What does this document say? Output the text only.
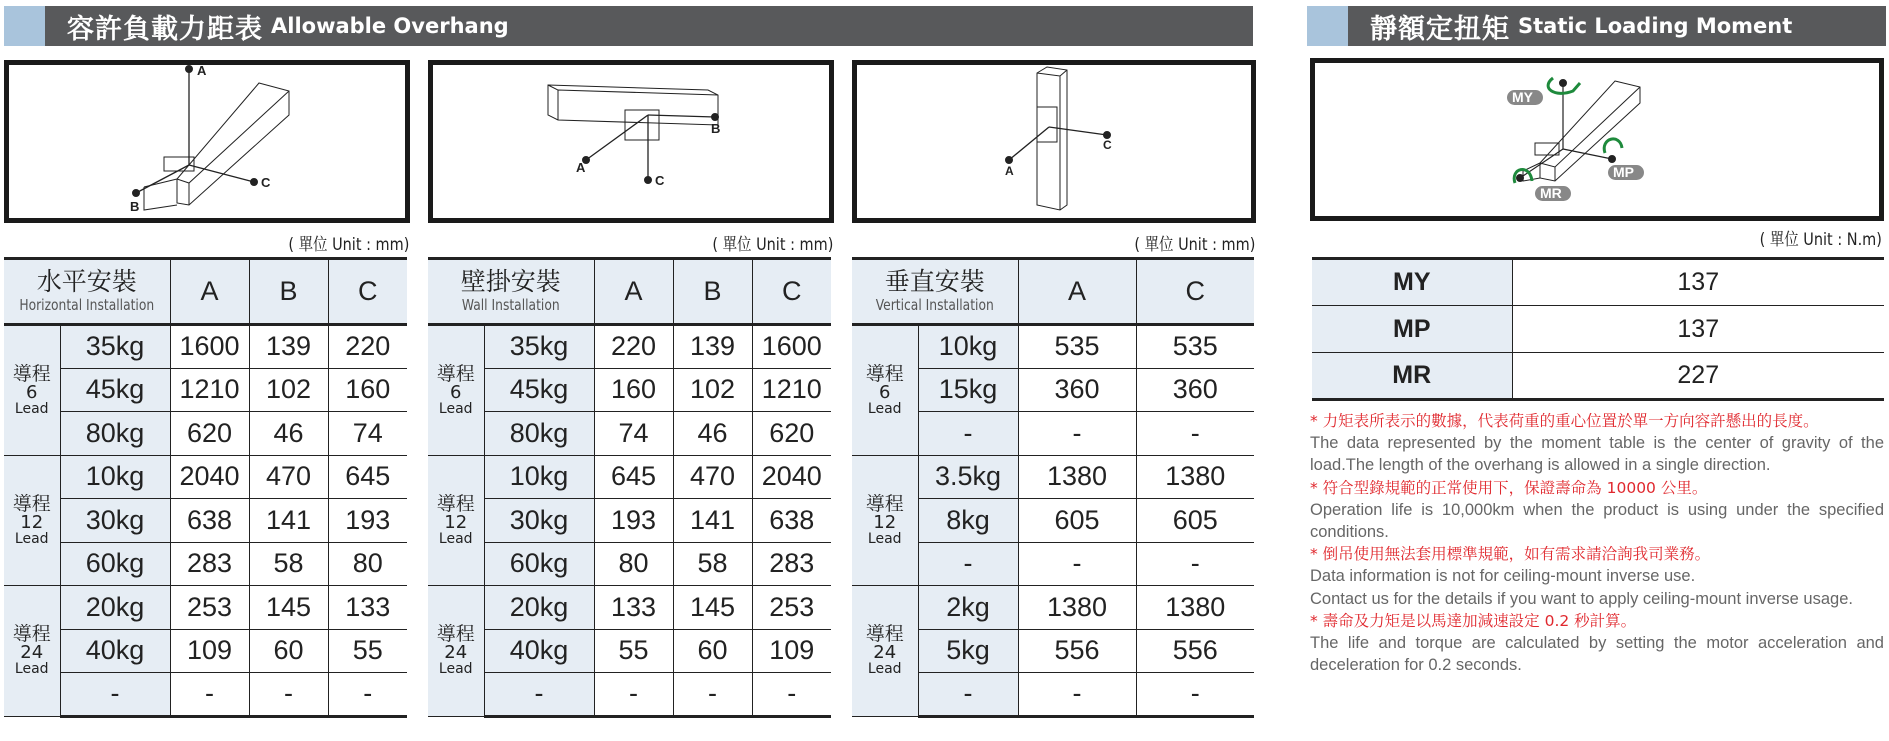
容許負載力距表 Allowable Overhang	靜額定扭矩 Static Loading Moment
A
C
B
A
C
B
C
A
MY
MP
MR
( 單位 Unit : mm)	( 單位 Unit : mm)	( 單位 Unit : mm)	( 單位 Unit : N.m)
水平安裝
Horizontal Installation		A	B	C

導程
6
Lead	35kg	1600	139	220
	45kg	1210	102	160
	80kg	620	46	74

導程
12
Lead	10kg	2040	470	645
	30kg	638	141	193
	60kg	283	58	80

導程
24
Lead	20kg	253	145	133
	40kg	109	60	55
	-	-	-	-
壁掛安裝
Wall Installation		A	B	C

導程
6
Lead	35kg	220	139	1600
	45kg	160	102	1210
	80kg	74	46	620

導程
12
Lead	10kg	645	470	2040
	30kg	193	141	638
	60kg	80	58	283

導程
24
Lead	20kg	133	145	253
	40kg	55	60	109
	-	-	-	-
垂直安裝
Vertical Installation		A	C

導程
6
Lead	10kg	535	535
	15kg	360	360
	-	-	-

導程
12
Lead	3.5kg	1380	1380
	8kg	605	605
	-	-	-

導程
24
Lead	2kg	1380	1380
	5kg	556	556
	-	-	-
MY	137
MP	137
MR	227
* 力矩表所表示的數據，代表荷重的重心位置於單一方向容許懸出的長度。
The data represented by the moment table is the center of gravity of the load.The length of the overhang is allowed in a single direction.
* 符合型錄規範的正常使用下，保證壽命為 10000 公里。
Operation life is 10,000km when the product is using under the specified conditions.
* 倒吊使用無法套用標準規範，如有需求請洽詢我司業務。
Data information is not for ceiling-mount inverse use.
Contact us for the details if you want to apply ceiling-mount inverse usage.
* 壽命及力矩是以馬達加減速設定 0.2 秒計算。
The life and torque are calculated by setting the motor acceleration and deceleration for 0.2 seconds.
